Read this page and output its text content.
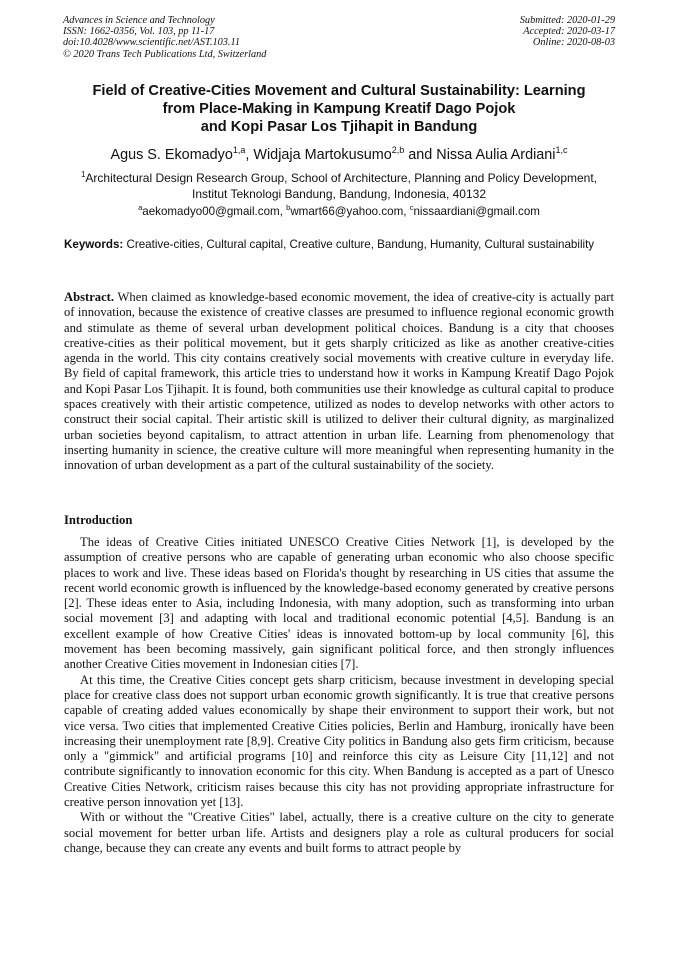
Advances in Science and Technology
ISSN: 1662-0356, Vol. 103, pp 11-17
doi:10.4028/www.scientific.net/AST.103.11
© 2020 Trans Tech Publications Ltd, Switzerland
Submitted: 2020-01-29
Accepted: 2020-03-17
Online: 2020-08-03
Field of Creative-Cities Movement and Cultural Sustainability: Learning
from Place-Making in Kampung Kreatif Dago Pojok
and Kopi Pasar Los Tjihapit in Bandung
Agus S. Ekomadyo$^{1,a}$, Widjaja Martokusumo$^{2,b}$ and Nissa Aulia Ardiani$^{1,c}$
$^1$Architectural Design Research Group, School of Architecture, Planning and Policy Development,
Institut Teknologi Bandung, Bandung, Indonesia, 40132
$^a$aekomadyo00@gmail.com, $^b$wmart66@yahoo.com, $^c$nissaardiani@gmail.com
Keywords: Creative-cities, Cultural capital, Creative culture, Bandung, Humanity, Cultural sustainability
Abstract. When claimed as knowledge-based economic movement, the idea of creative-city is actually part of innovation, because the existence of creative classes are presumed to influence regional economic growth and stimulate as theme of several urban development political choices. Bandung is a city that chooses creative-cities as their political movement, but it gets sharply criticized as like as another creative-cities agenda in the world. This city contains creatively social movements with creative culture in everyday life. By field of capital framework, this article tries to understand how it works in Kampung Kreatif Dago Pojok and Kopi Pasar Los Tjihapit. It is found, both communities use their knowledge as cultural capital to produce spaces creatively with their artistic competence, utilized as nodes to develop networks with other actors to construct their social capital. Their artistic skill is utilized to deliver their cultural dignity, as marginalized urban societies beyond capitalism, to attract attention in urban life. Learning from phenomenology that inserting humanity in science, the creative culture will more meaningful when representing humanity in the innovation of urban development as a part of the cultural sustainability of the society.
Introduction

The ideas of Creative Cities initiated UNESCO Creative Cities Network [1], is developed by the assumption of creative persons who are capable of generating urban economic who also choose specific places to work and live. These ideas based on Florida's thought by researching in US cities that assume the recent world economic growth is influenced by the knowledge-based economy generated by creative persons [2]. These ideas enter to Asia, including Indonesia, with many adoption, such as transforming into urban social movement [3] and adapting with local and traditional economic potential [4,5]. Bandung is an excellent example of how Creative Cities' ideas is innovated bottom-up by local community [6], this movement has been becoming massively, gain significant political force, and then strongly influences another Creative Cities movement in Indonesian cities [7].

At this time, the Creative Cities concept gets sharp criticism, because investment in developing special place for creative class does not support urban economic growth significantly. It is true that creative persons capable of creating added values economically by shape their environment to support their work, but not vice versa. Two cities that implemented Creative Cities policies, Berlin and Hamburg, ironically have been increasing their unemployment rate [8,9]. Creative City politics in Bandung also gets firm criticism, because only a "gimmick" and artificial programs [10] and reinforce this city as Leisure City [11,12] and not contribute significantly to innovation economic for this city. When Bandung is accepted as a part of Unesco Creative Cities Network, criticism raises because this city has not providing appropriate infrastructure for creative person innovation yet [13].

With or without the "Creative Cities" label, actually, there is a creative culture on the city to generate social movement for better urban life. Artists and designers play a role as cultural producers for social change, because they can create any events and built forms to attract people by
